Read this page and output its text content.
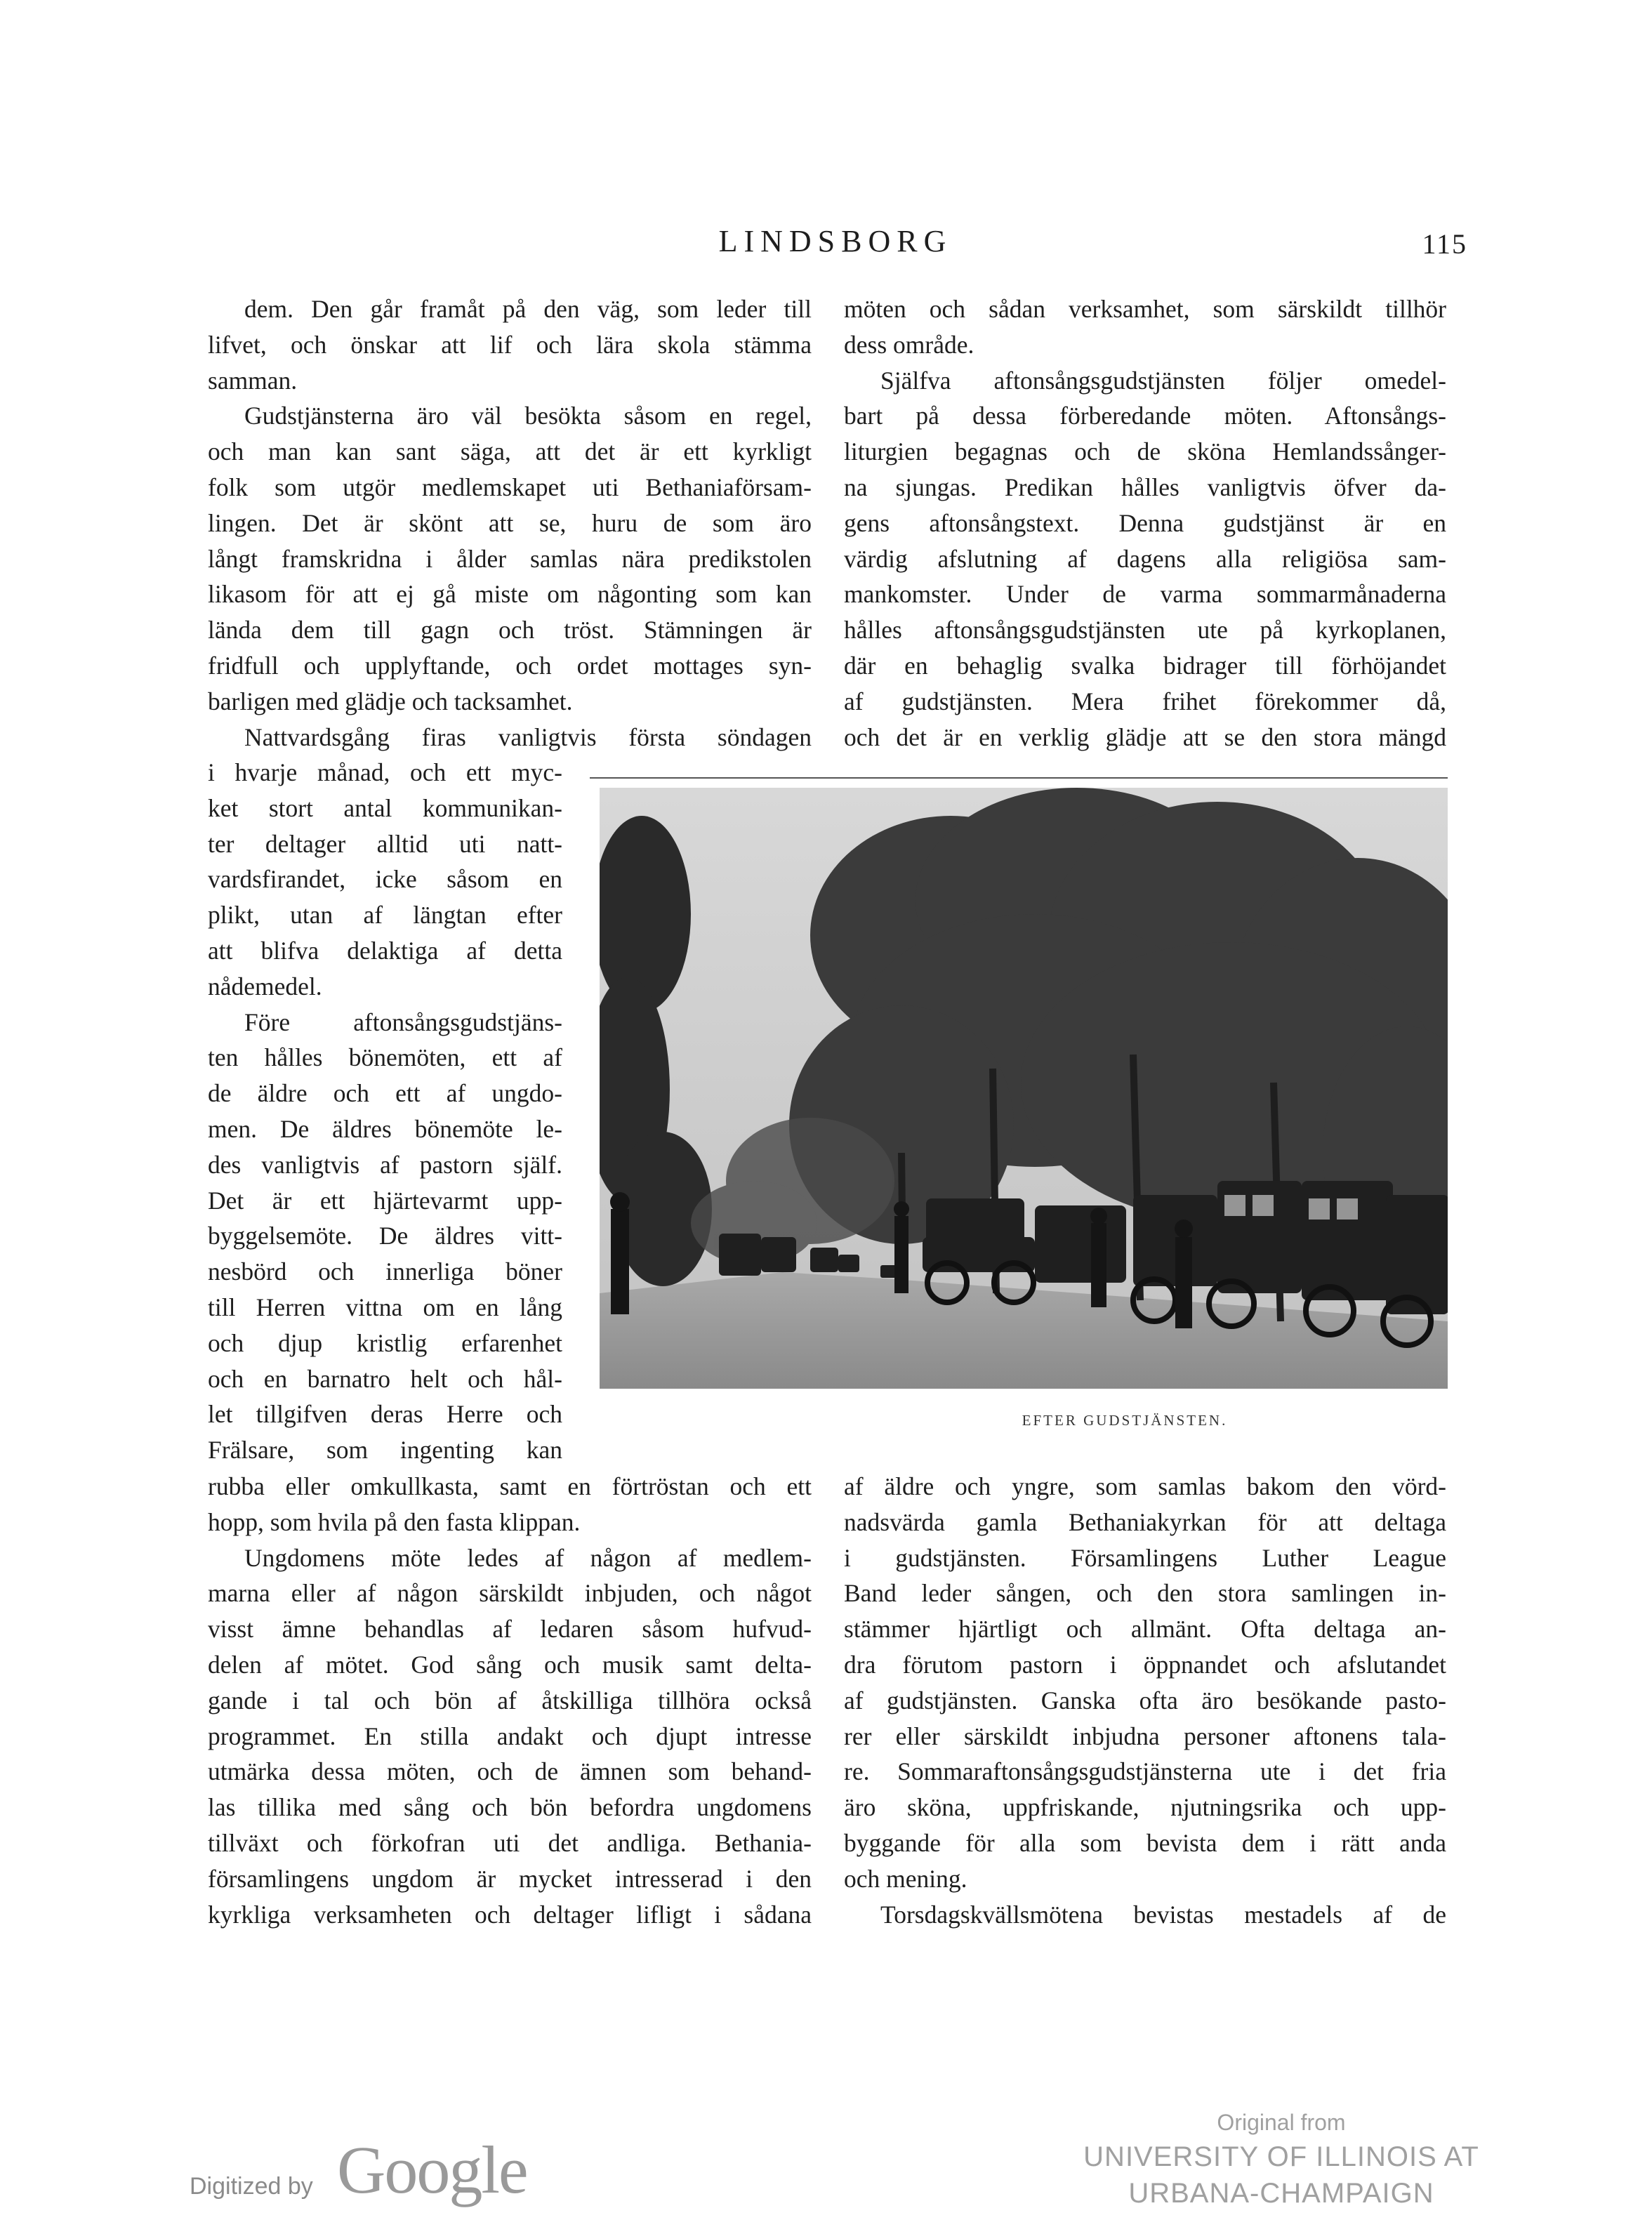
LINDSBORG	115
dem. Den går framåt på den väg, som leder till
lifvet, och önskar att lif och lära skola stämma
samman.
Gudstjänsterna äro väl besökta såsom en regel,
och man kan sant säga, att det är ett kyrkligt
folk som utgör medlemskapet uti Bethaniaförsam-
lingen. Det är skönt att se, huru de som äro
långt framskridna i ålder samlas nära predikstolen
likasom för att ej gå miste om någonting som kan
lända dem till gagn och tröst. Stämningen är
fridfull och upplyftande, och ordet mottages syn-
barligen med glädje och tacksamhet.
Nattvardsgång firas vanligtvis första söndagen
i hvarje månad, och ett myc-
ket stort antal kommunikan-
ter deltager alltid uti natt-
vardsfirandet, icke såsom en
plikt, utan af längtan efter
att blifva delaktiga af detta
nådemedel.
Före aftonsångsgudstjäns-
ten hålles bönemöten, ett af
de äldre och ett af ungdo-
men. De äldres bönemöte le-
des vanligtvis af pastorn själf.
Det är ett hjärtevarmt upp-
byggelsemöte. De äldres vitt-
nesbörd och innerliga böner
till Herren vittna om en lång
och djup kristlig erfarenhet
och en barnatro helt och hål-
let tillgifven deras Herre och
Frälsare, som ingenting kan
rubba eller omkullkasta, samt en förtröstan och ett
hopp, som hvila på den fasta klippan.
Ungdomens möte ledes af någon af medlem-
marna eller af någon särskildt inbjuden, och något
visst ämne behandlas af ledaren såsom hufvud-
delen af mötet. God sång och musik samt delta-
gande i tal och bön af åtskilliga tillhöra också
programmet. En stilla andakt och djupt intresse
utmärka dessa möten, och de ämnen som behand-
las tillika med sång och bön befordra ungdomens
tillväxt och förkofran uti det andliga. Bethania-
församlingens ungdom är mycket intresserad i den
kyrkliga verksamheten och deltager lifligt i sådana
möten och sådan verksamhet, som särskildt tillhör
dess område.
Själfva aftonsångsgudstjänsten följer omedel-
bart på dessa förberedande möten. Aftonsångs-
liturgien begagnas och de sköna Hemlandssånger-
na sjungas. Predikan hålles vanligtvis öfver da-
gens aftonsångstext. Denna gudstjänst är en
värdig afslutning af dagens alla religiösa sam-
mankomster. Under de varma sommarmånaderna
hålles aftonsångsgudstjänsten ute på kyrkoplanen,
där en behaglig svalka bidrager till förhöjandet
af gudstjänsten. Mera frihet förekommer då,
och det är en verklig glädje att se den stora mängd
af äldre och yngre, som samlas bakom den vörd-
nadsvärda gamla Bethaniakyrkan för att deltaga
i gudstjänsten. Församlingens Luther League
Band leder sången, och den stora samlingen in-
stämmer hjärtligt och allmänt. Ofta deltaga an-
dra förutom pastorn i öppnandet och afslutandet
af gudstjänsten. Ganska ofta äro besökande pasto-
rer eller särskildt inbjudna personer aftonens tala-
re. Sommaraftonsångsgudstjänsterna ute i det fria
äro sköna, uppfriskande, njutningsrika och upp-
byggande för alla som bevista dem i rätt anda
och mening.
Torsdagskvällsmötena bevistas mestadels af de
EFTER GUDSTJÄNSTEN.
Digitized by Google
Original from
UNIVERSITY OF ILLINOIS AT
URBANA-CHAMPAIGN
